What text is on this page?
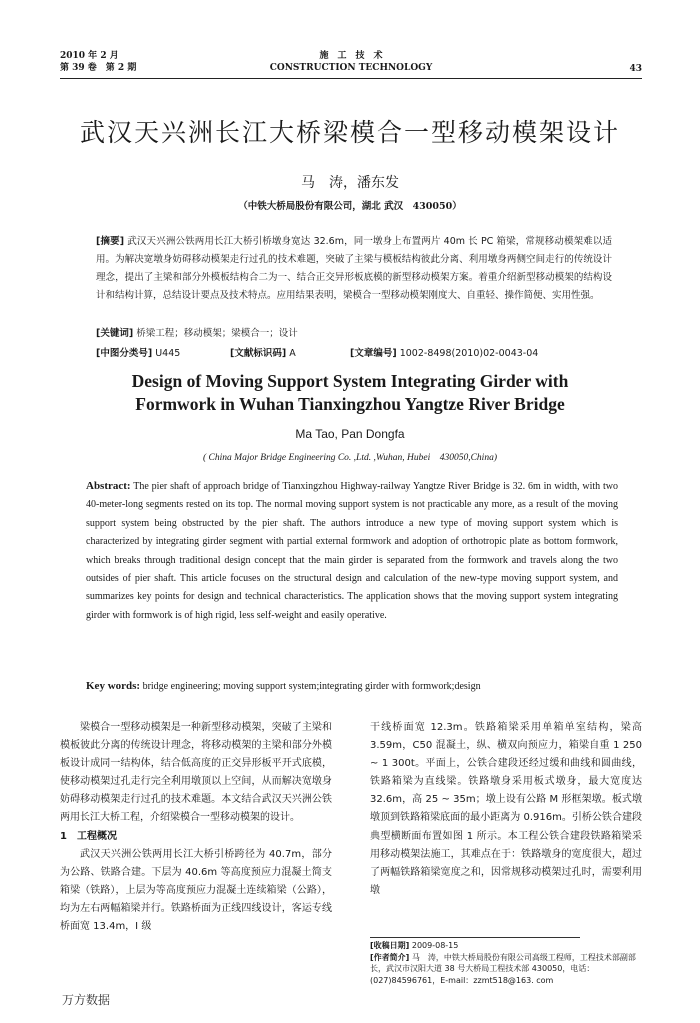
2010 年 2 月
第 39 卷　第 2 期
施　工　技　术
CONSTRUCTION TECHNOLOGY	43
武汉天兴洲长江大桥梁模合一型移动模架设计
马　涛，潘东发
（中铁大桥局股份有限公司，湖北 武汉　430050）
[摘要] 武汉天兴洲公铁两用长江大桥引桥墩身宽达 32.6m，同一墩身上布置两片 40m 长 PC 箱梁，常规移动模架难以适用。为解决宽墩身妨碍移动模架走行过孔的技术难题，突破了主梁与模板结构彼此分离、利用墩身两侧空间走行的传统设计理念，提出了主梁和部分外模板结构合二为一、结合正交异形板底模的新型移动模架方案。着重介绍新型移动模架的结构设计和结构计算，总结设计要点及技术特点。应用结果表明，梁模合一型移动模架刚度大、自重轻、操作简便、实用性强。
[关键词] 桥梁工程；移动模架；梁模合一；设计
[中图分类号] U445	[文献标识码] A	[文章编号] 1002-8498(2010)02-0043-04
Design of Moving Support System Integrating Girder with
Formwork in Wuhan Tianxingzhou Yangtze River Bridge
Ma Tao, Pan Dongfa
( China Major Bridge Engineering Co. ,Ltd. ,Wuhan, Hubei　430050,China)
Abstract: The pier shaft of approach bridge of Tianxingzhou Highway-railway Yangtze River Bridge is 32. 6m in width, with two 40-meter-long segments rested on its top. The normal moving support system is not practicable any more, as a result of the moving support system being obstructed by the pier shaft. The authors introduce a new type of moving support system which is characterized by integrating girder segment with partial external formwork and adoption of orthotropic plate as bottom formwork, which breaks through traditional design concept that the main girder is separated from the formwork and travels along the two outsides of pier shaft. This article focuses on the structural design and calculation of the new-type moving support system, and summarizes key points for design and technical characteristics. The application shows that the moving support system integrating girder with formwork is of high rigid, less self-weight and easily operative.
Key words: bridge engineering; moving support system;integrating girder with formwork;design

梁模合一型移动模架是一种新型移动模架，突破了主梁和模板彼此分离的传统设计理念，将移动模架的主梁和部分外模板设计成同一结构体，结合低高度的正交异形板平开式底模，使移动模架过孔走行完全利用墩顶以上空间，从而解决宽墩身妨碍移动模架走行过孔的技术难题。本文结合武汉天兴洲公铁两用长江大桥工程，介绍梁模合一型移动模架的设计。

1　工程概况

武汉天兴洲公铁两用长江大桥引桥跨径为 40.7m，部分为公路、铁路合建。下层为 40.6m 等高度预应力混凝土简支箱梁（铁路），上层为等高度预应力混凝土连续箱梁（公路），均为左右两幅箱梁并行。铁路桥面为正线四线设计，客运专线桥面宽 13.4m，I 级

干线桥面宽 12.3m。铁路箱梁采用单箱单室结构，梁高 3.59m，C50 混凝土，纵、横双向预应力，箱梁自重 1 250 ~ 1 300t。平面上，公铁合建段还经过缓和曲线和圆曲线，铁路箱梁为直线梁。铁路墩身采用板式墩身，最大宽度达 32.6m，高 25 ~ 35m；墩上设有公路 M 形框架墩。板式墩墩顶到铁路箱梁底面的最小距离为 0.916m。引桥公铁合建段典型横断面布置如图 1 所示。本工程公铁合建段铁路箱梁采用移动模架法施工，其难点在于：铁路墩身的宽度很大，超过了两幅铁路箱梁宽度之和，因常规移动模架过孔时，需要利用墩

[收稿日期] 2009-08-15
[作者简介] 马　涛，中铁大桥局股份有限公司高级工程师，工程技术部副部长，武汉市汉阳大道 38 号大桥局工程技术部 430050，电话：(027)84596761，E-mail：zzmt518@163. com
万方数据
